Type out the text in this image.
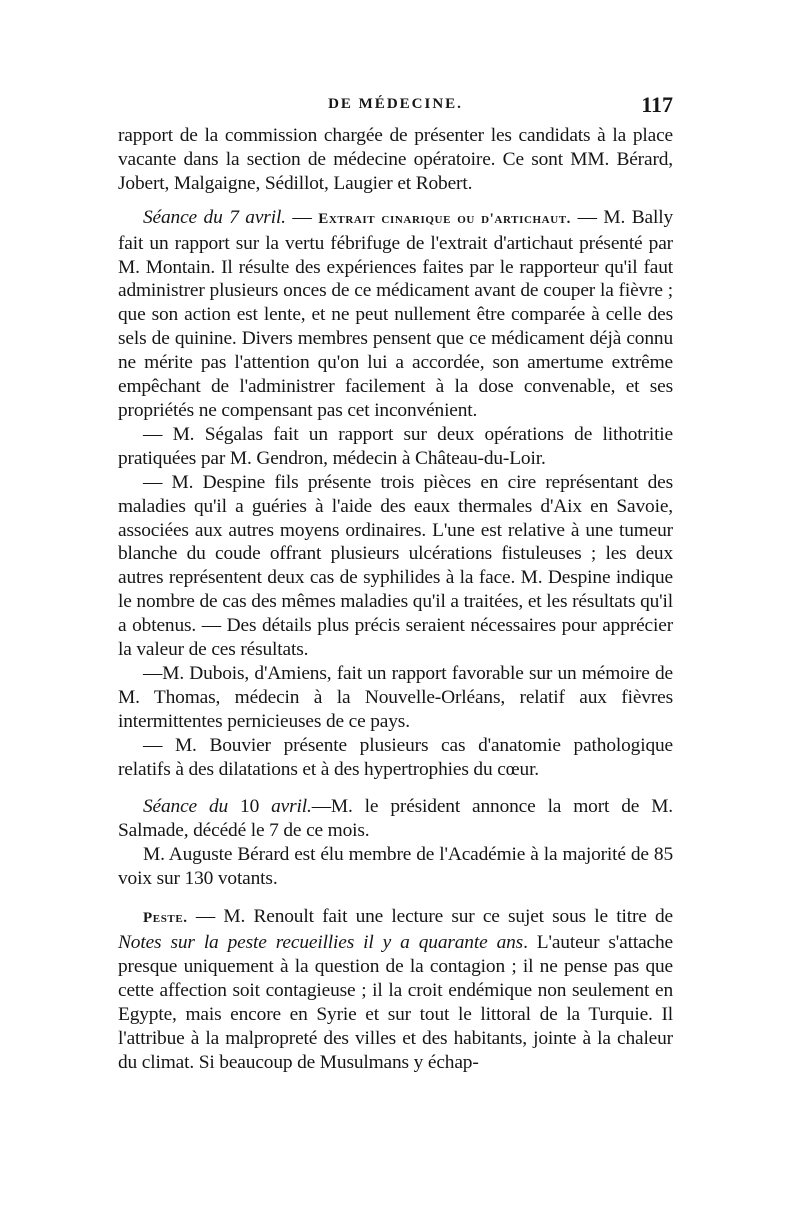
DE MÉDECINE.	117

rapport de la commission chargée de présenter les candidats à la place vacante dans la section de médecine opératoire. Ce sont MM. Bérard, Jobert, Malgaigne, Sédillot, Laugier et Robert.

Séance du 7 avril. — Extrait cinarique ou d'artichaut. — M. Bally fait un rapport sur la vertu fébrifuge de l'extrait d'artichaut présenté par M. Montain. Il résulte des expériences faites par le rapporteur qu'il faut administrer plusieurs onces de ce médicament avant de couper la fièvre ; que son action est lente, et ne peut nullement être comparée à celle des sels de quinine. Divers membres pensent que ce médicament déjà connu ne mérite pas l'attention qu'on lui a accordée, son amertume extrême empêchant de l'administrer facilement à la dose convenable, et ses propriétés ne compensant pas cet inconvénient.

— M. Ségalas fait un rapport sur deux opérations de lithotritie pratiquées par M. Gendron, médecin à Château-du-Loir.

— M. Despine fils présente trois pièces en cire représentant des maladies qu'il a guéries à l'aide des eaux thermales d'Aix en Savoie, associées aux autres moyens ordinaires. L'une est relative à une tumeur blanche du coude offrant plusieurs ulcérations fistuleuses ; les deux autres représentent deux cas de syphilides à la face. M. Despine indique le nombre de cas des mêmes maladies qu'il a traitées, et les résultats qu'il a obtenus. — Des détails plus précis seraient nécessaires pour apprécier la valeur de ces résultats.

—M. Dubois, d'Amiens, fait un rapport favorable sur un mémoire de M. Thomas, médecin à la Nouvelle-Orléans, relatif aux fièvres intermittentes pernicieuses de ce pays.

— M. Bouvier présente plusieurs cas d'anatomie pathologique relatifs à des dilatations et à des hypertrophies du cœur.

Séance du 10 avril.—M. le président annonce la mort de M. Salmade, décédé le 7 de ce mois.

M. Auguste Bérard est élu membre de l'Académie à la majorité de 85 voix sur 130 votants.

Peste. — M. Renoult fait une lecture sur ce sujet sous le titre de Notes sur la peste recueillies il y a quarante ans. L'auteur s'attache presque uniquement à la question de la contagion ; il ne pense pas que cette affection soit contagieuse ; il la croit endémique non seulement en Egypte, mais encore en Syrie et sur tout le littoral de la Turquie. Il l'attribue à la malpropreté des villes et des habitants, jointe à la chaleur du climat. Si beaucoup de Musulmans y échap-
